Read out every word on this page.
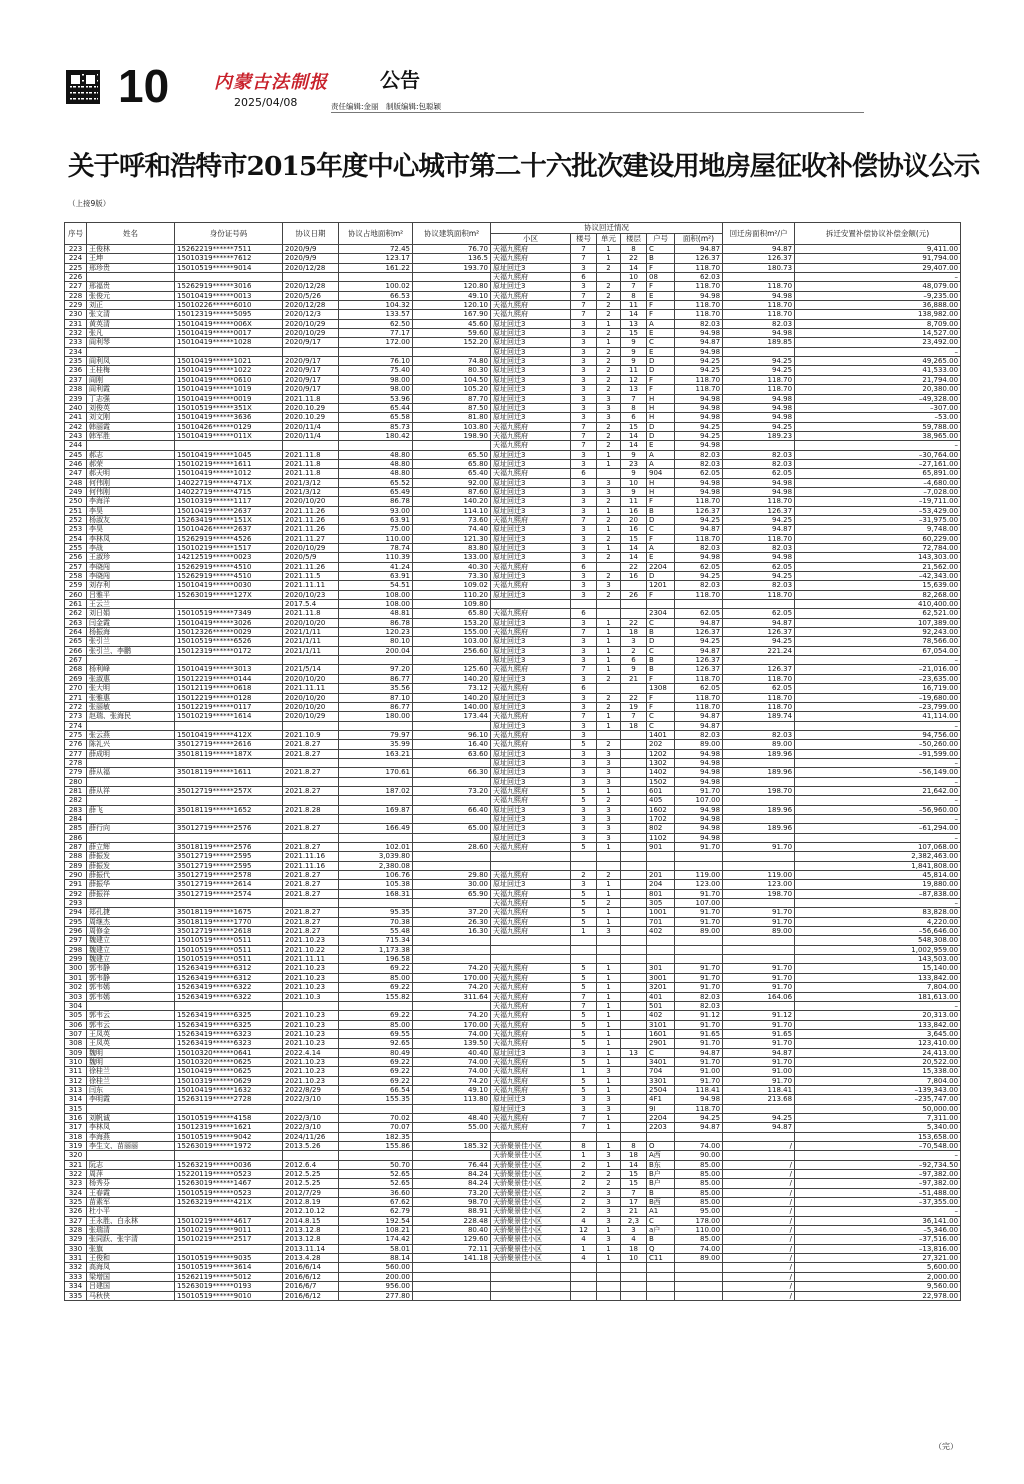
10 内蒙古法制报
2025/04/08
公告
责任编辑:金丽　制版编辑:包聪颖
关于呼和浩特市2015年度中心城市第二十六批次建设用地房屋征收补偿协议公示
（上接9版）
序号	姓名	身份证号码	协议日期	协议占地面积m²	协议建筑面积m²	协议回迁情况						回迁房面积m²/户	拆迁安置补偿协议补偿金额(元)
						小区	楼号	单元	楼层	户号	面积(m²)		
223	王俊林	15262219******7511	2020/9/9	72.45	76.70	天福九熙府	7	1	8	C	94.87	94.87	9,411.00
224	王坤	15010319******7612	2020/9/9	123.17	136.5	天福九熙府	7	1	22	B	126.37	126.37	91,794.00
225	邢珍贵	15010519******9014	2020/12/28	161.22	193.70	原址回迁3	3	2	14	F	118.70	180.73	29,407.00
226						天福九熙府	6		10	08	62.03		–
227	邢福贵	15262919******3016	2020/12/28	100.02	120.80	原址回迁3	3	2	7	F	118.70	118.70	48,079.00
228	张俊元	15010419******0013	2020/5/26	66.53	49.10	天福九熙府	7	2	8	E	94.98	94.98	–9,235.00
229	刘正	15010226******6010	2020/12/28	104.32	120.10	天福九熙府	7	2	11	F	118.70	118.70	36,888.00
230	张文清	15012319******5095	2020/12/3	133.57	167.90	天福九熙府	7	2	14	F	118.70	118.70	138,982.00
231	黄英清	15010419******006X	2020/10/29	62.50	45.60	原址回迁3	3	1	13	A	82.03	82.03	8,709.00
232	张凡	15010419******0017	2020/10/29	77.17	59.60	原址回迁3	3	2	15	E	94.98	94.98	14,527.00
233	阎利琴	15010419******1028	2020/9/17	172.00	152.20	原址回迁3	3	1	9	C	94.87	189.85	23,492.00
234						原址回迁3	3	2	9	E	94.98		–
235	阎利凤	15010419******1021	2020/9/17	76.10	74.80	原址回迁3	3	2	9	D	94.25	94.25	49,265.00
236	王桂梅	15010419******1022	2020/9/17	75.40	80.30	原址回迁3	3	2	11	D	94.25	94.25	41,533.00
237	阎刚	15010419******0610	2020/9/17	98.00	104.50	原址回迁3	3	2	12	F	118.70	118.70	21,794.00
238	阎利霞	15010419******1019	2020/9/17	98.00	105.20	原址回迁3	3	2	13	F	118.70	118.70	20,380.00
239	丁志强	15010419******0019	2021.11.8	53.96	87.70	原址回迁3	3	3	7	H	94.98	94.98	–49,328.00
240	刘俊英	15010519******351X	2020.10.29	65.44	87.50	原址回迁3	3	3	8	H	94.98	94.98	–307.00
241	刘文刚	15010419******3636	2020.10.29	65.58	81.80	原址回迁3	3	3	6	H	94.98	94.98	–53.00
242	韩丽霞	15010426******0129	2020/11/4	85.73	103.80	天福九熙府	7	2	15	D	94.25	94.25	59,788.00
243	韩军胜	15010419******011X	2020/11/4	180.42	198.90	天福九熙府	7	2	14	D	94.25	189.23	38,965.00
244						天福九熙府	7	2	14	E	94.98		–
245	郝志	15010419******1045	2021.11.8	48.80	65.50	原址回迁3	3	1	9	A	82.03	82.03	–30,764.00
246	郝荣	15010219******1611	2021.11.8	48.80	65.80	原址回迁3	3	1	23	A	82.03	82.03	–27,161.00
247	郝天明	15010419******1012	2021.11.8	48.80	65.40	天福九熙府	6		9	904	62.05	62.05	65,891.00
248	何伟刚	14022719******471X	2021/3/12	65.52	92.00	原址回迁3	3	3	10	H	94.98	94.98	–4,680.00
249	何伟刚	14022719******4715	2021/3/12	65.49	87.60	原址回迁3	3	3	9	H	94.98	94.98	–7,028.00
250	李海洋	15010319******1117	2020/10/20	86.78	140.20	原址回迁3	3	2	11	F	118.70	118.70	–19,711.00
251	李昊	15010419******2637	2021.11.26	93.00	114.10	原址回迁3	3	1	16	B	126.37	126.37	–53,429.00
252	杨淑友	15263419******151X	2021.11.26	63.91	73.60	天福九熙府	7	2	20	D	94.25	94.25	–31,975.00
253	李昊	15010426******2637	2021.11.26	75.00	74.40	原址回迁3	3	1	16	C	94.87	94.87	9,748.00
254	李林凤	15262919******4526	2021.11.27	110.00	121.30	原址回迁3	3	2	15	F	118.70	118.70	60,229.00
255	李战	15010219******1517	2020/10/29	78.74	83.80	原址回迁3	3	1	14	A	82.03	82.03	72,784.00
256	王淑珍	14212519******0023	2020/5/9	110.39	133.00	原址回迁3	3	2	14	E	94.98	94.98	143,303.00
257	李晓闯	15262919******4510	2021.11.26	41.24	40.30	天福九熙府	6		22	2204	62.05	62.05	21,562.00
258	李晓闯	15262919******4510	2021.11.5	63.91	73.30	原址回迁3	3	2	16	D	94.25	94.25	–42,343.00
259	刘存利	15010419******0030	2021.11.11	54.51	109.02	天福九熙府	3	3		1201	82.03	82.03	15,639.00
260	吕雅平	15263019******127X	2020/10/23	108.00	110.20	原址回迁3	3	2	26	F	118.70	118.70	82,268.00
261	王云兰		2017.5.4	108.00	109.80								410,400.00
262	刘日娟	15010519******7349	2021.11.8	48.81	65.80	天福九熙府	6			2304	62.05	62.05	62,521.00
263	闫金霞	15010419******3026	2020/10/20	86.78	153.20	原址回迁3	3	1	22	C	94.87	94.87	107,389.00
264	杨振海	15012326******0029	2021/1/11	120.23	155.00	天福九熙府	7	1	18	B	126.37	126.37	92,243.00
265	张引兰	15010519******6526	2021/1/11	80.10	103.00	原址回迁3	3	1	3	D	94.25	94.25	78,566.00
266	张引兰、李鹏	15012319******0172	2021/1/11	200.04	256.60	原址回迁3	3	1	2	C	94.87	221.24	67,054.00
267						原址回迁3	3	1	6	B	126.37		–
268	杨利峰	15010419******3013	2021/5/14	97.20	125.60	天福九熙府	7	1	9	B	126.37	126.37	–21,016.00
269	张淑惠	15012219******0144	2020/10/20	86.77	140.20	原址回迁3	3	2	21	F	118.70	118.70	–23,635.00
270	张大明	15012119******0618	2021.11.11	35.56	73.12	天福九熙府	6			1308	62.05	62.05	16,719.00
271	张雅惠	15012219******0128	2020/10/20	87.10	140.20	原址回迁3	3	2	22	F	118.70	118.70	–19,680.00
272	张丽敏	15012219******0117	2020/10/20	86.77	140.00	原址回迁3	3	2	19	F	118.70	118.70	–23,799.00
273	赵瑞、张海民	15010219******1614	2020/10/29	180.00	173.44	天福九熙府	7	1	7	C	94.87	189.74	41,114.00
274						原址回迁3	3	1	18	C	94.87		–
275	张云燕	15010419******412X	2021.10.9	79.97	96.10	天福九熙府	3			1401	82.03	82.03	94,756.00
276	陈礼兴	35012719******2616	2021.8.27	35.99	16.40	天福九熙府	5	2		202	89.00	89.00	–50,260.00
277	薛成明	35018119******187X	2021.8.27	163.21	63.60	原址回迁3	3	3		1202	94.98	189.96	–91,599.00
278						原址回迁3	3	3		1302	94.98		–
279	薛从福	35018119******1611	2021.8.27	170.61	66.30	原址回迁3	3	3		1402	94.98	189.96	–56,149.00
280						原址回迁3	3	3		1502	94.98		–
281	薛从祥	35012719******257X	2021.8.27	187.02	73.20	天福九熙府	5	1		601	91.70	198.70	21,642.00
282						天福九熙府	5	2		405	107.00		–
283	薛飞	35018119******1652	2021.8.28	169.87	66.40	原址回迁3	3	3		1602	94.98	189.96	–56,960.00
284						原址回迁3	3	3		1702	94.98		–
285	薛行向	35012719******2576	2021.8.27	166.49	65.00	原址回迁3	3	3		802	94.98	189.96	–61,294.00
286						原址回迁3	3	3		1102	94.98		–
287	薛立辉	35018119******2576	2021.8.27	102.01	28.60	天福九熙府	5	1		901	91.70	91.70	107,068.00
288	薛振发	35012719******2595	2021.11.16	3,039.80									2,382,463.00
289	薛振发	35012719******2595	2021.11.16	2,380.08									1,841,808.00
290	薛振代	35012719******2578	2021.8.27	106.76	29.80	天福九熙府	2	2		201	119.00	119.00	45,814.00
291	薛振华	35012719******2614	2021.8.27	105.38	30.00	原址回迁3	3	1		204	123.00	123.00	19,880.00
292	薛振祥	35012719******2574	2021.8.27	168.31	65.90	天福九熙府	5	1		801	91.70	198.70	–87,838.00
293						天福九熙府	5	2		305	107.00		–
294	郑孔捷	35018119******1675	2021.8.27	95.35	37.20	天福九熙府	5	1		1001	91.70	91.70	83,828.00
295	周继杰	35018119******1770	2021.8.27	70.38	26.30	天福九熙府	5	1		701	91.70	91.70	4,220.00
296	周修金	35012719******2618	2021.8.27	55.48	16.30	天福九熙府	1	3		402	89.00	89.00	–56,646.00
297	魏建立	15010519******0511	2021.10.23	715.34									548,308.00
298	魏建立	15010519******0511	2021.10.22	1,173.38									1,002,959.00
299	魏建立	15010519******0511	2021.11.11	196.58									143,503.00
300	郭韦静	15263419******6312	2021.10.23	69.22	74.20	天福九熙府	5	1		301	91.70	91.70	15,140.00
301	郭韦静	15263419******6312	2021.10.23	85.00	170.00	天福九熙府	5	1		3001	91.70	91.70	133,842.00
302	郭韦嫣	15263419******6322	2021.10.23	69.22	74.20	天福九熙府	5	1		3201	91.70	91.70	7,804.00
303	郭韦嫣	15263419******6322	2021.10.3	155.82	311.64	天福九熙府	7	1		401	82.03	164.06	181,613.00
304						天福九熙府	7	1		501	82.03		–
305	郭韦云	15263419******6325	2021.10.23	69.22	74.20	天福九熙府	5	1		402	91.12	91.12	20,313.00
306	郭韦云	15263419******6325	2021.10.23	85.00	170.00	天福九熙府	5	1		3101	91.70	91.70	133,842.00
307	王凤英	15263419******6323	2021.10.23	69.55	74.00	天福九熙府	5	1		1601	91.65	91.65	3,645.00
308	王凤英	15263419******6323	2021.10.23	92.65	139.50	天福九熙府	5	1		2901	91.70	91.70	123,410.00
309	魏明	15010320******0641	2022.4.14	80.49	40.40	原址回迁3	3	1	13	C	94.87	94.87	24,413.00
310	魏明	15010320******0625	2021.10.23	69.22	74.00	天福九熙府	5	1		3401	91.70	91.70	20,522.00
311	徐桂兰	15010419******0625	2021.10.23	69.22	74.00	天福九熙府	1	3		704	91.00	91.00	15,338.00
312	徐桂兰	15010319******0629	2021.10.23	69.22	74.20	天福九熙府	5	1		3301	91.70	91.70	7,804.00
313	闫东	15010419******1632	2022/8/29	66.54	49.10	天福九熙府	5	1		2504	118.41	118.41	–139,343.00
314	李明霞	15263119******2728	2022/3/10	155.35	113.80	原址回迁3	3	3		4F1	94.98	213.68	–235,747.00
315						原址回迁3	3	3		9I	118.70		50,000.00
316	刘帆诚	15010519******4158	2022/3/10	70.02	48.40	天福九熙府	7	1		2204	94.25	94.25	7,311.00
317	李林凤	15012319******1621	2022/3/10	70.07	55.00	天福九熙府	7	1		2203	94.87	94.87	5,340.00
318	李海燕	15010519******9042	2024/11/26	182.35									153,658.00
319	李生文、苗丽丽	15263019******1972	2013.5.26	155.86	185.32	天骄聚景佳小区	8	1	8	O	74.00	/	–70,548.00
320						天骄聚景佳小区	1	3	18	A西	90.00		–
321	阮志	15263219******0036	2012.6.4	50.70	76.44	天骄聚景佳小区	2	1	14	B东	85.00	/	–92,734.50
322	周萍	15220119******0523	2012.5.25	52.65	84.24	天骄聚景佳小区	2	2	15	B户	85.00	/	–97,382.00
323	杨秀芬	15263019******1467	2012.5.25	52.65	84.24	天骄聚景佳小区	2	2	15	B户	85.00	/	–97,382.00
324	王春霞	15010519******0523	2012/7/29	36.60	73.20	天骄聚景佳小区	2	3	7	B	85.00	/	–51,488.00
325	苗素军	15263219******421X	2012.8.19	67.62	98.70	天骄聚景佳小区	2	3	17	B西	85.00	/	–37,355.00
326	杜小平		2012.10.12	62.79	88.91	天骄聚景佳小区	2	3	21	A1	95.00	/	–
327	王永胜、白永林	15010219******4617	2014.8.15	192.54	228.48	天骄聚景佳小区	4	3	2,3	C	178.00	/	36,141.00
328	张瑞清	15010219******9011	2013.12.8	108.21	80.40	天骄聚景佳小区	12	1	3	a户	110.00	/	–5,346.00
329	张同跃、张宇清	15010219******2517	2013.12.8	174.42	129.60	天骄聚景佳小区	4	3	4	B	85.00	/	–37,516.00
330	张旗		2013.11.14	58.01	72.11	天骄聚景佳小区	1	1	18	Q	74.00	/	–13,816.00
331	王俊和	15010519******9035	2013.4.28	88.14	141.18	天骄聚景佳小区	4	1	10	C11	89.00	/	27,321.00
332	高海凤	15010519******3614	2016/6/14	560.00								/	5,600.00
333	梁增国	15262119******5012	2016/6/12	200.00								/	2,000.00
334	吕建国	15263019******0193	2016/6/7	956.00								/	9,560.00
335	马秋侠	15010519******9010	2016/6/12	277.80								/	22,978.00
（完）
